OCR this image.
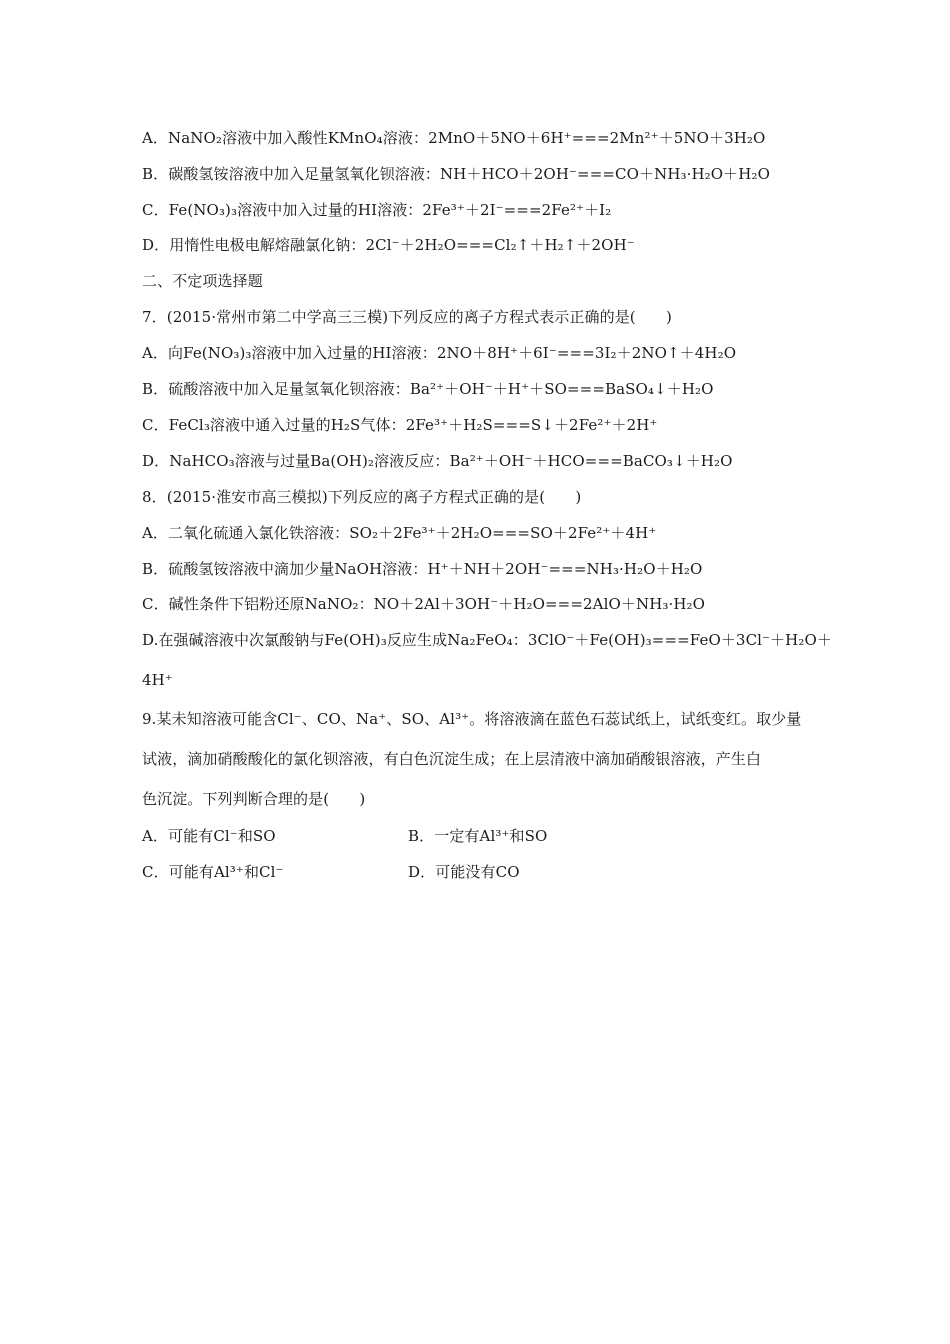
A．NaNO₂溶液中加入酸性KMnO₄溶液：2MnO＋5NO＋6H⁺===2Mn²⁺＋5NO＋3H₂O
B．碳酸氢铵溶液中加入足量氢氧化钡溶液：NH＋HCO＋2OH⁻===CO＋NH₃·H₂O＋H₂O
C．Fe(NO₃)₃溶液中加入过量的HI溶液：2Fe³⁺＋2I⁻===2Fe²⁺＋I₂
D．用惰性电极电解熔融氯化钠：2Cl⁻＋2H₂O===Cl₂↑＋H₂↑＋2OH⁻
二、不定项选择题
7．(2015·常州市第二中学高三三模)下列反应的离子方程式表示正确的是(　　)
A．向Fe(NO₃)₃溶液中加入过量的HI溶液：2NO＋8H⁺＋6I⁻===3I₂＋2NO↑＋4H₂O
B．硫酸溶液中加入足量氢氧化钡溶液：Ba²⁺＋OH⁻＋H⁺＋SO===BaSO₄↓＋H₂O
C．FeCl₃溶液中通入过量的H₂S气体：2Fe³⁺＋H₂S===S↓＋2Fe²⁺＋2H⁺
D．NaHCO₃溶液与过量Ba(OH)₂溶液反应：Ba²⁺＋OH⁻＋HCO===BaCO₃↓＋H₂O
8．(2015·淮安市高三模拟)下列反应的离子方程式正确的是(　　)
A．二氧化硫通入氯化铁溶液：SO₂＋2Fe³⁺＋2H₂O===SO＋2Fe²⁺＋4H⁺
B．硫酸氢铵溶液中滴加少量NaOH溶液：H⁺＋NH＋2OH⁻===NH₃·H₂O＋H₂O
C．碱性条件下铝粉还原NaNO₂：NO＋2Al＋3OH⁻＋H₂O===2AlO＋NH₃·H₂O
D.在强碱溶液中次氯酸钠与Fe(OH)₃反应生成Na₂FeO₄：3ClO⁻＋Fe(OH)₃===FeO＋3Cl⁻＋H₂O＋
4H⁺
9.某未知溶液可能含Cl⁻、CO、Na⁺、SO、Al³⁺。将溶液滴在蓝色石蕊试纸上，试纸变红。取少量
试液，滴加硝酸酸化的氯化钡溶液，有白色沉淀生成；在上层清液中滴加硝酸银溶液，产生白
色沉淀。下列判断合理的是(　　)
A．可能有Cl⁻和SO	B．一定有Al³⁺和SO
C．可能有Al³⁺和Cl⁻	D．可能没有CO
